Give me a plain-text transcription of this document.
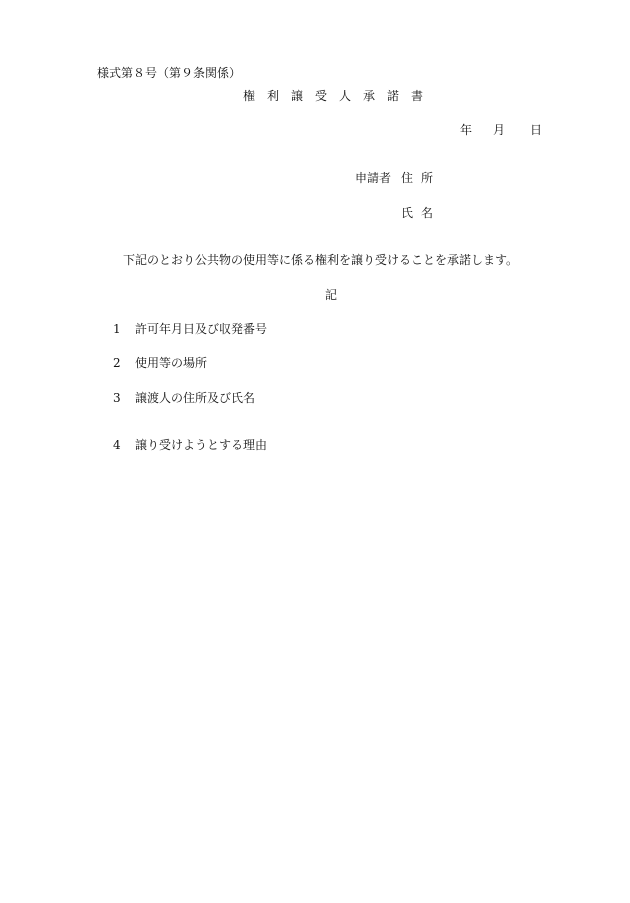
様式第８号（第９条関係）
権利譲受人承諾書
年	月	日
申請者 住所
氏名
下記のとおり公共物の使用等に係る権利を譲り受けることを承諾します。
記
1 許可年月日及び収発番号
2 使用等の場所
3 譲渡人の住所及び氏名
4 譲り受けようとする理由
